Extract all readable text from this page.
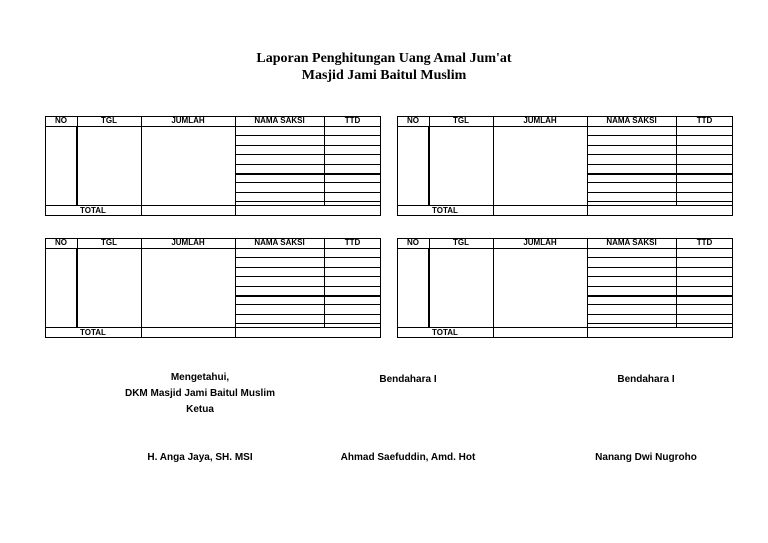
Laporan Penghitungan Uang Amal Jum'at
Masjid Jami Baitul Muslim
NO	TGL	JUMLAH	NAMA SAKSI	TTD
TOTAL
NO	TGL	JUMLAH	NAMA SAKSI	TTD
TOTAL
NO	TGL	JUMLAH	NAMA SAKSI	TTD
TOTAL
NO	TGL	JUMLAH	NAMA SAKSI	TTD
TOTAL
Mengetahui,
DKM Masjid Jami Baitul Muslim
Ketua
H. Anga Jaya, SH. MSI
Bendahara I
Ahmad Saefuddin, Amd. Hot
Bendahara I
Nanang Dwi Nugroho
